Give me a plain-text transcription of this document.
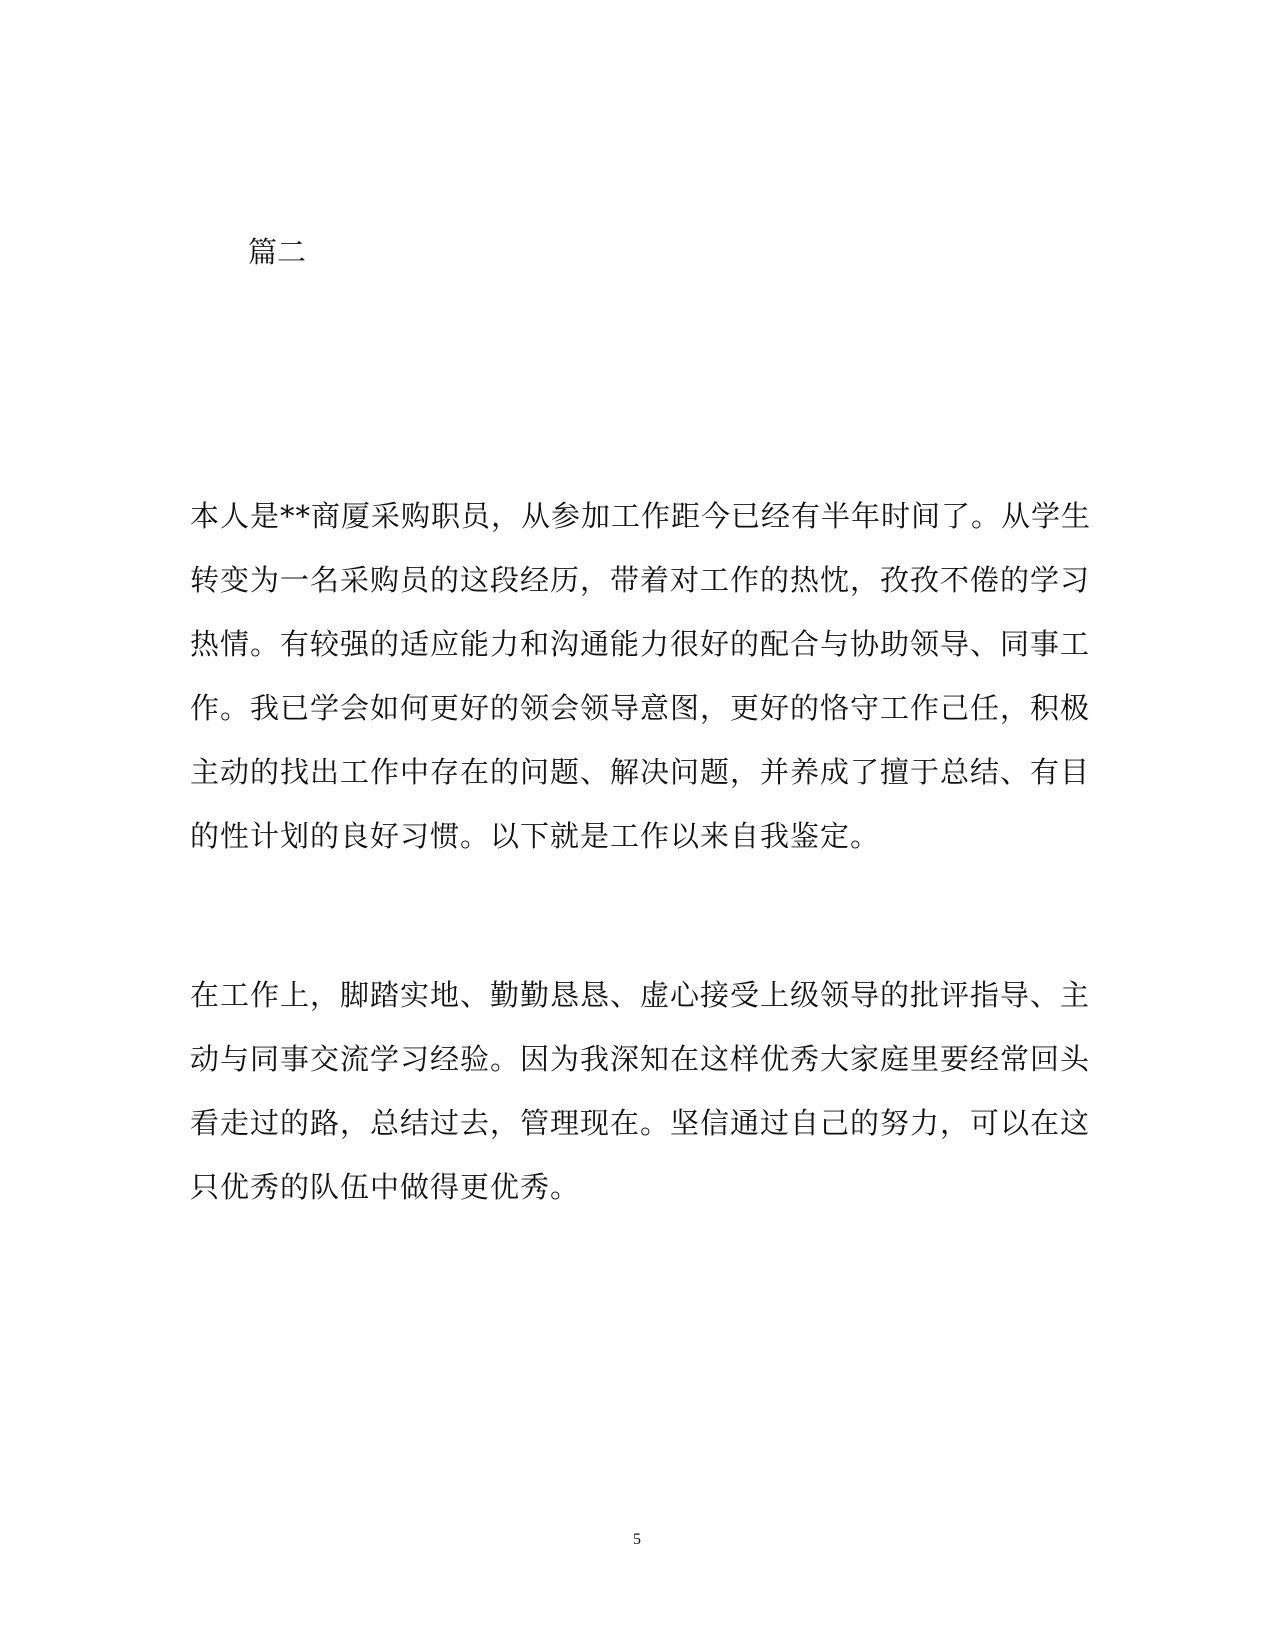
篇二

本人是**商厦采购职员，从参加工作距今已经有半年时间了。从学生
转变为一名采购员的这段经历，带着对工作的热忱，孜孜不倦的学习
热情。有较强的适应能力和沟通能力很好的配合与协助领导、同事工
作。我已学会如何更好的领会领导意图，更好的恪守工作己任，积极
主动的找出工作中存在的问题、解决问题，并养成了擅于总结、有目
的性计划的良好习惯。以下就是工作以来自我鉴定。

在工作上，脚踏实地、勤勤恳恳、虚心接受上级领导的批评指导、主
动与同事交流学习经验。因为我深知在这样优秀大家庭里要经常回头
看走过的路，总结过去，管理现在。坚信通过自己的努力，可以在这
只优秀的队伍中做得更优秀。

5
